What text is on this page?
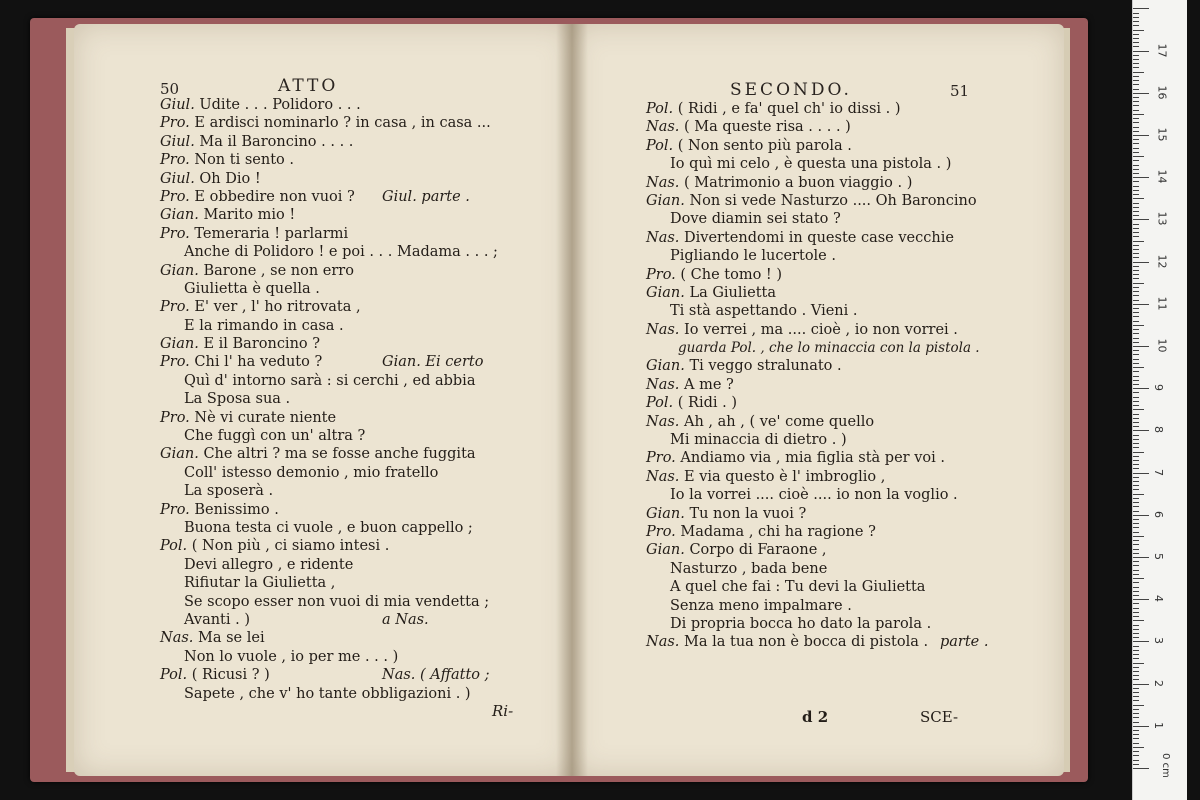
50	ATTO
Giul. Udite . . . Polidoro . . .
Pro. E ardisci nominarlo ? in casa , in casa ...
Giul. Ma il Baroncino . . . .
Pro. Non ti sento .
Giul. Oh Dio !
Pro. E obbedire non vuoi ? Giul. parte .
Gian. Marito mio !
Pro. Temeraria ! parlarmi
Anche di Polidoro ! e poi . . . Madama . . . ;
Gian. Barone , se non erro
Giulietta è quella .
Pro. E' ver , l' ho ritrovata ,
E la rimando in casa .
Gian. E il Baroncino ?
Pro. Chi l' ha veduto ?	Gian. Ei certo
Quì d' intorno sarà : si cerchi , ed abbia
La Sposa sua .
Pro. Nè vi curate niente
Che fuggì con un' altra ?
Gian. Che altri ? ma se fosse anche fuggita
Coll' istesso demonio , mio fratello
La sposerà .
Pro. Benissimo .
Buona testa ci vuole , e buon cappello ;
Pol. ( Non più , ci siamo intesi .
Devi allegro , e ridente
Rifiutar la Giulietta ,
Se scopo esser non vuoi di mia vendetta ;
Avanti . )	a Nas.
Nas. Ma se lei
Non lo vuole , io per me . . . )
Pol. ( Ricusi ? )	Nas. ( Affatto ;
Sapete , che v' ho tante obbligazioni . )
Ri-
SECONDO.	51
Pol. ( Ridi , e fa' quel ch' io dissi . )
Nas. ( Ma queste risa . . . . )
Pol. ( Non sento più parola .
Io quì mi celo , è questa una pistola . )
Nas. ( Matrimonio a buon viaggio . )
Gian. Non si vede Nasturzo .... Oh Baroncino
Dove diamin sei stato ?
Nas. Divertendomi in queste case vecchie
Pigliando le lucertole .
Pro. ( Che tomo ! )
Gian. La Giulietta
Ti stà aspettando . Vieni .
Nas. Io verrei , ma .... cioè , io non vorrei .
guarda Pol. , che lo minaccia con la pistola .
Gian. Ti veggo stralunato .
Nas. A me ?
Pol. ( Ridi . )
Nas. Ah , ah , ( ve' come quello
Mi minaccia di dietro . )
Pro. Andiamo via , mia figlia stà per voi .
Nas. E via questo è l' imbroglio ,
Io la vorrei .... cioè .... io non la voglio .
Gian. Tu non la vuoi ?
Pro. Madama , chi ha ragione ?
Gian. Corpo di Faraone ,
Nasturzo , bada bene
A quel che fai : Tu devi la Giulietta
Senza meno impalmare .
Di propria bocca ho dato la parola .
Nas. Ma la tua non è bocca di pistola . parte .
d 2	SCE-
0 cm
17
16
15
14
13
12
11
10
9
8
7
6
5
4
3
2
1
